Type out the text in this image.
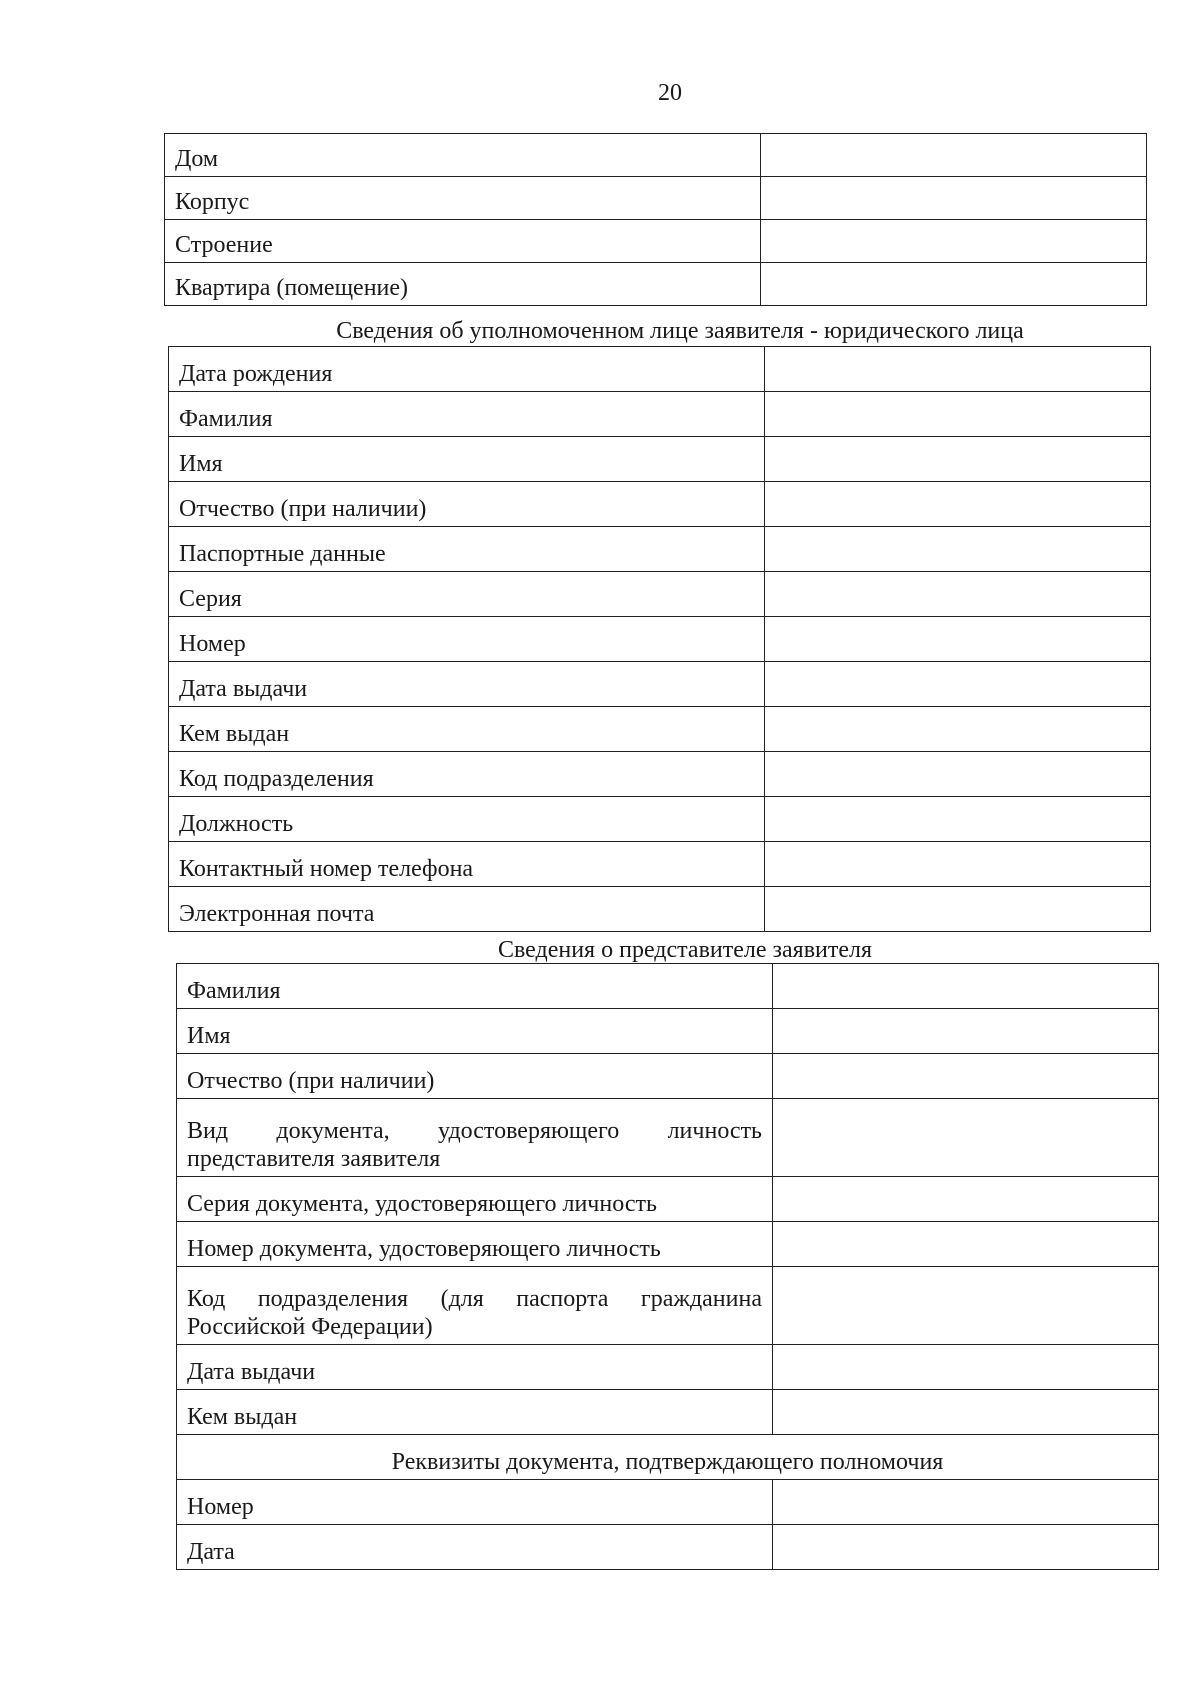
20
Дом	
Корпус	
Строение	
Квартира (помещение)	
Сведения об уполномоченном лице заявителя - юридического лица
Дата рождения	
Фамилия	
Имя	
Отчество (при наличии)	
Паспортные данные	
Серия	
Номер	
Дата выдачи	
Кем выдан	
Код подразделения	
Должность	
Контактный номер телефона	
Электронная почта	
Сведения о представителе заявителя
Фамилия	
Имя	
Отчество (при наличии)	
Вид документа, удостоверяющего личность
представителя заявителя	

Серия документа, удостоверяющего личность	
Номер документа, удостоверяющего личность	
Код подразделения (для паспорта гражданина
Российской Федерации)	

Дата выдачи	
Кем выдан	
Реквизиты документа, подтверждающего полномочия	
Номер	
Дата	
